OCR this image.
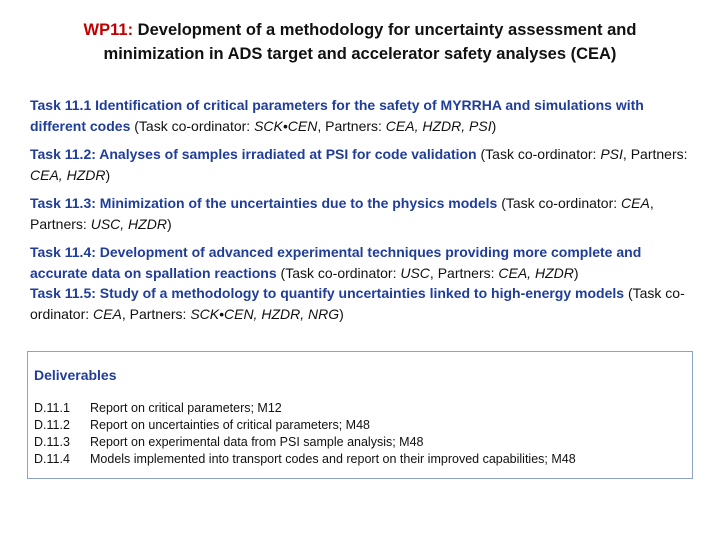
WP11: Development of a methodology for uncertainty assessment and
minimization in ADS target and accelerator safety analyses (CEA)
Task 11.1 Identification of critical parameters for the safety of MYRRHA and simulations with different codes (Task co-ordinator: SCK•CEN, Partners: CEA, HZDR, PSI)
Task 11.2: Analyses of samples irradiated at PSI for code validation (Task co-ordinator: PSI, Partners: CEA, HZDR)
Task 11.3: Minimization of the uncertainties due to the physics models (Task co-ordinator: CEA, Partners: USC, HZDR)
Task 11.4: Development of advanced experimental techniques providing more complete and accurate data on spallation reactions (Task co-ordinator: USC, Partners: CEA, HZDR)
Task 11.5: Study of a methodology to quantify uncertainties linked to high-energy models (Task co-ordinator: CEA, Partners: SCK•CEN, HZDR, NRG)
Deliverables
D.11.1	Report on critical parameters; M12
D.11.2	Report on uncertainties of critical parameters; M48
D.11.3	Report on experimental data from PSI sample analysis; M48
D.11.4	Models implemented into transport codes and report on their improved capabilities; M48
